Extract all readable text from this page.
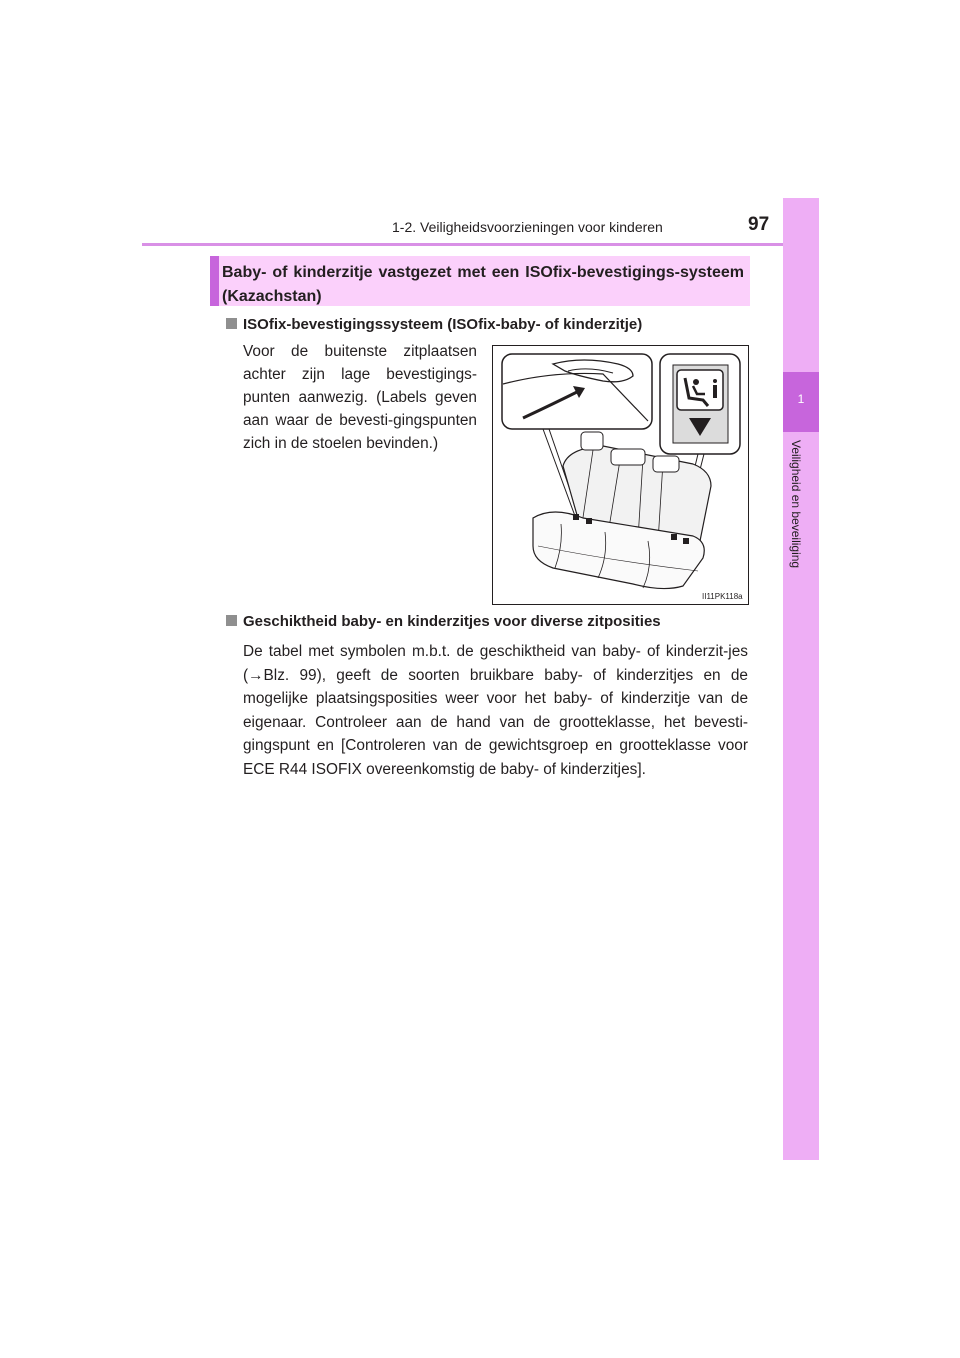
1-2. Veiligheidsvoorzieningen voor kinderen	97
1
Veiligheid en beveiliging
Baby- of kinderzitje vastgezet met een ISOfix-bevestigings-systeem (Kazachstan)
ISOfix-bevestigingssysteem (ISOfix-baby- of kinderzitje)
Voor de buitenste zitplaatsen achter zijn lage bevestigings-punten aanwezig. (Labels geven aan waar de bevesti-gingspunten zich in de stoelen bevinden.)
II11PK118a
Geschiktheid baby- en kinderzitjes voor diverse zitposities
De tabel met symbolen m.b.t. de geschiktheid van baby- of kinderzit-jes (→Blz. 99), geeft de soorten bruikbare baby- of kinderzitjes en de mogelijke plaatsingsposities weer voor het baby- of kinderzitje van de eigenaar. Controleer aan de hand van de grootteklasse, het bevesti-gingspunt en [Controleren van de gewichtsgroep en grootteklasse voor ECE R44 ISOFIX overeenkomstig de baby- of kinderzitjes].
